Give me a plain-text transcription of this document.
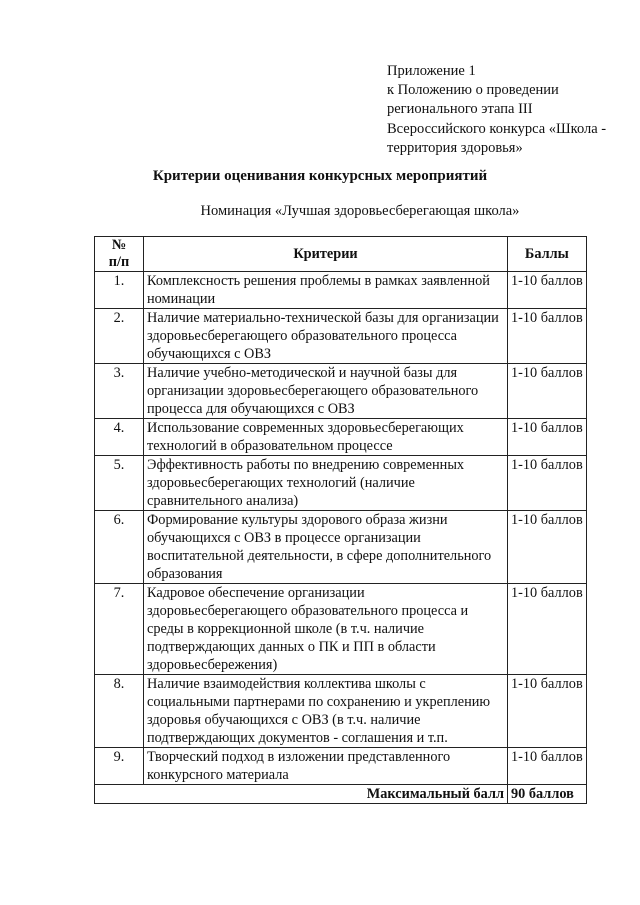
Приложение 1
к Положению о проведении
регионального этапа III
Всероссийского конкурса «Школа -
территория здоровья»
Критерии оценивания конкурсных мероприятий
Номинация «Лучшая здоровьесберегающая школа»
№
п/п	Критерии	Баллы
1.	Комплексность решения проблемы в рамках заявленной номинации	1-10 баллов
2.	Наличие материально-технической базы для организации здоровьесберегающего образовательного процесса обучающихся с ОВЗ	1-10 баллов
3.	Наличие учебно-методической и научной базы для организации здоровьесберегающего образовательного процесса для обучающихся с ОВЗ	1-10 баллов
4.	Использование современных здоровьесберегающих технологий в образовательном процессе	1-10 баллов
5.	Эффективность работы по внедрению современных здоровьесберегающих технологий (наличие сравнительного анализа)	1-10 баллов
6.	Формирование культуры здорового образа жизни обучающихся с ОВЗ в процессе организации воспитательной деятельности, в сфере дополнительного образования	1-10 баллов
7.	Кадровое обеспечение организации здоровьесберегающего образовательного процесса и среды в коррекционной школе (в т.ч. наличие подтверждающих данных о ПК и ПП в области здоровьесбережения)	1-10 баллов
8.	Наличие взаимодействия коллектива школы с социальными партнерами по сохранению и укреплению здоровья обучающихся с ОВЗ (в т.ч. наличие подтверждающих документов - соглашения и т.п.	1-10 баллов
9.	Творческий подход в изложении представленного конкурсного материала	1-10 баллов
Максимальный балл		90 баллов
